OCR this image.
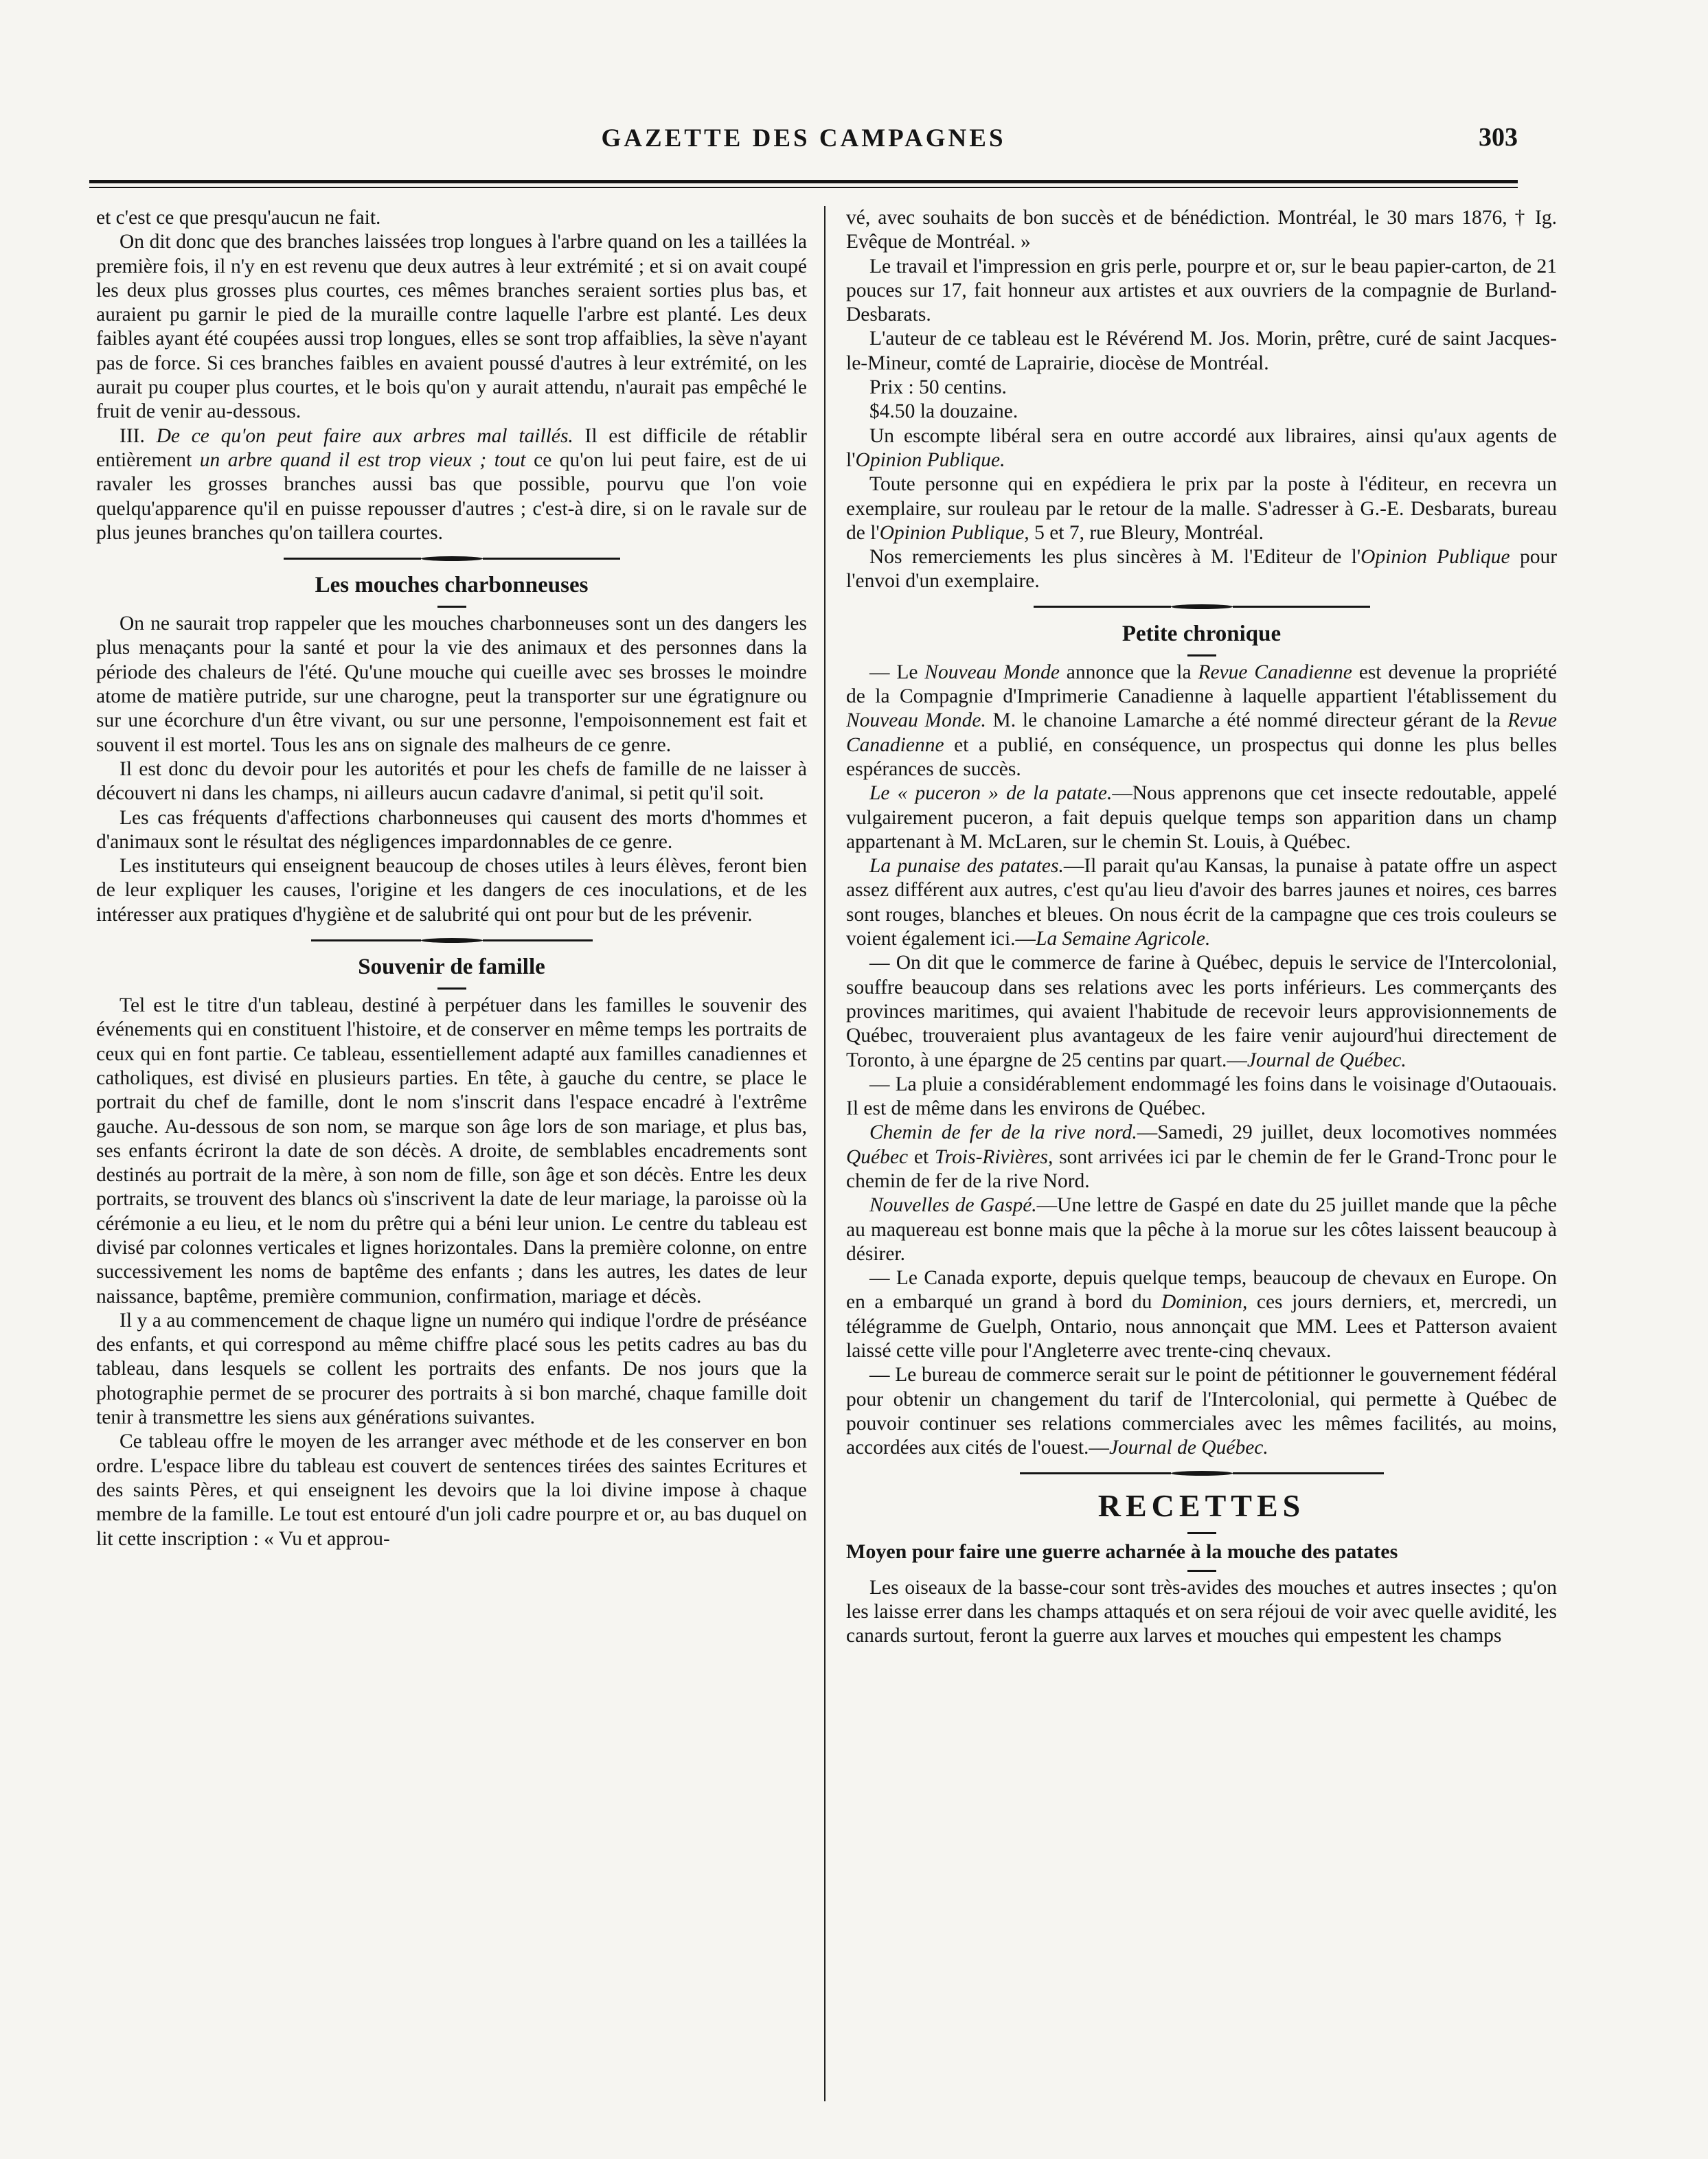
GAZETTE DES CAMPAGNES	303

et c'est ce que presqu'aucun ne fait.

On dit donc que des branches laissées trop longues à l'arbre quand on les a taillées la première fois, il n'y en est revenu que deux autres à leur extrémité ; et si on avait coupé les deux plus grosses plus courtes, ces mêmes branches seraient sorties plus bas, et auraient pu garnir le pied de la muraille contre laquelle l'arbre est planté. Les deux faibles ayant été coupées aussi trop longues, elles se sont trop affaiblies, la sève n'ayant pas de force. Si ces branches faibles en avaient poussé d'autres à leur extrémité, on les aurait pu couper plus courtes, et le bois qu'on y aurait attendu, n'aurait pas empêché le fruit de venir au-dessous.

III. De ce qu'on peut faire aux arbres mal taillés. Il est difficile de rétablir entièrement un arbre quand il est trop vieux ; tout ce qu'on lui peut faire, est de ui ravaler les grosses branches aussi bas que possible, pourvu que l'on voie quelqu'apparence qu'il en puisse repousser d'autres ; c'est-à dire, si on le ravale sur de plus jeunes branches qu'on taillera courtes.

Les mouches charbonneuses

On ne saurait trop rappeler que les mouches charbonneuses sont un des dangers les plus menaçants pour la santé et pour la vie des animaux et des personnes dans la période des chaleurs de l'été. Qu'une mouche qui cueille avec ses brosses le moindre atome de matière putride, sur une charogne, peut la transporter sur une égratignure ou sur une écorchure d'un être vivant, ou sur une personne, l'empoisonnement est fait et souvent il est mortel. Tous les ans on signale des malheurs de ce genre.

Il est donc du devoir pour les autorités et pour les chefs de famille de ne laisser à découvert ni dans les champs, ni ailleurs aucun cadavre d'animal, si petit qu'il soit.

Les cas fréquents d'affections charbonneuses qui causent des morts d'hommes et d'animaux sont le résultat des négligences impardonnables de ce genre.

Les instituteurs qui enseignent beaucoup de choses utiles à leurs élèves, feront bien de leur expliquer les causes, l'origine et les dangers de ces inoculations, et de les intéresser aux pratiques d'hygiène et de salubrité qui ont pour but de les prévenir.

Souvenir de famille

Tel est le titre d'un tableau, destiné à perpétuer dans les familles le souvenir des événements qui en constituent l'histoire, et de conserver en même temps les portraits de ceux qui en font partie. Ce tableau, essentiellement adapté aux familles canadiennes et catholiques, est divisé en plusieurs parties. En tête, à gauche du centre, se place le portrait du chef de famille, dont le nom s'inscrit dans l'espace encadré à l'extrême gauche. Au-dessous de son nom, se marque son âge lors de son mariage, et plus bas, ses enfants écriront la date de son décès. A droite, de semblables encadrements sont destinés au portrait de la mère, à son nom de fille, son âge et son décès. Entre les deux portraits, se trouvent des blancs où s'inscrivent la date de leur mariage, la paroisse où la cérémonie a eu lieu, et le nom du prêtre qui a béni leur union. Le centre du tableau est divisé par colonnes verticales et lignes horizontales. Dans la première colonne, on entre successivement les noms de baptême des enfants ; dans les autres, les dates de leur naissance, baptême, première communion, confirmation, mariage et décès.

Il y a au commencement de chaque ligne un numéro qui indique l'ordre de préséance des enfants, et qui correspond au même chiffre placé sous les petits cadres au bas du tableau, dans lesquels se collent les portraits des enfants. De nos jours que la photographie permet de se procurer des portraits à si bon marché, chaque famille doit tenir à transmettre les siens aux générations suivantes.

Ce tableau offre le moyen de les arranger avec méthode et de les conserver en bon ordre. L'espace libre du tableau est couvert de sentences tirées des saintes Ecritures et des saints Pères, et qui enseignent les devoirs que la loi divine impose à chaque membre de la famille. Le tout est entouré d'un joli cadre pourpre et or, au bas duquel on lit cette inscription : « Vu et approu-

vé, avec souhaits de bon succès et de bénédiction. Montréal, le 30 mars 1876, † Ig. Evêque de Montréal. »

Le travail et l'impression en gris perle, pourpre et or, sur le beau papier-carton, de 21 pouces sur 17, fait honneur aux artistes et aux ouvriers de la compagnie de Burland-Desbarats.

L'auteur de ce tableau est le Révérend M. Jos. Morin, prêtre, curé de saint Jacques-le-Mineur, comté de Laprairie, diocèse de Montréal.

Prix : 50 centins.

$4.50 la douzaine.

Un escompte libéral sera en outre accordé aux libraires, ainsi qu'aux agents de l'Opinion Publique.

Toute personne qui en expédiera le prix par la poste à l'éditeur, en recevra un exemplaire, sur rouleau par le retour de la malle. S'adresser à G.-E. Desbarats, bureau de l'Opinion Publique, 5 et 7, rue Bleury, Montréal.

Nos remerciements les plus sincères à M. l'Editeur de l'Opinion Publique pour l'envoi d'un exemplaire.

Petite chronique

— Le Nouveau Monde annonce que la Revue Canadienne est devenue la propriété de la Compagnie d'Imprimerie Canadienne à laquelle appartient l'établissement du Nouveau Monde. M. le chanoine Lamarche a été nommé directeur gérant de la Revue Canadienne et a publié, en conséquence, un prospectus qui donne les plus belles espérances de succès.

Le « puceron » de la patate.—Nous apprenons que cet insecte redoutable, appelé vulgairement puceron, a fait depuis quelque temps son apparition dans un champ appartenant à M. McLaren, sur le chemin St. Louis, à Québec.

La punaise des patates.—Il parait qu'au Kansas, la punaise à patate offre un aspect assez différent aux autres, c'est qu'au lieu d'avoir des barres jaunes et noires, ces barres sont rouges, blanches et bleues. On nous écrit de la campagne que ces trois couleurs se voient également ici.—La Semaine Agricole.

— On dit que le commerce de farine à Québec, depuis le service de l'Intercolonial, souffre beaucoup dans ses relations avec les ports inférieurs. Les commerçants des provinces maritimes, qui avaient l'habitude de recevoir leurs approvisionnements de Québec, trouveraient plus avantageux de les faire venir aujourd'hui directement de Toronto, à une épargne de 25 centins par quart.—Journal de Québec.

— La pluie a considérablement endommagé les foins dans le voisinage d'Outaouais. Il est de même dans les environs de Québec.

Chemin de fer de la rive nord.—Samedi, 29 juillet, deux locomotives nommées Québec et Trois-Rivières, sont arrivées ici par le chemin de fer le Grand-Tronc pour le chemin de fer de la rive Nord.

Nouvelles de Gaspé.—Une lettre de Gaspé en date du 25 juillet mande que la pêche au maquereau est bonne mais que la pêche à la morue sur les côtes laissent beaucoup à désirer.

— Le Canada exporte, depuis quelque temps, beaucoup de chevaux en Europe. On en a embarqué un grand à bord du Dominion, ces jours derniers, et, mercredi, un télégramme de Guelph, Ontario, nous annonçait que MM. Lees et Patterson avaient laissé cette ville pour l'Angleterre avec trente-cinq chevaux.

— Le bureau de commerce serait sur le point de pétitionner le gouvernement fédéral pour obtenir un changement du tarif de l'Intercolonial, qui permette à Québec de pouvoir continuer ses relations commerciales avec les mêmes facilités, au moins, accordées aux cités de l'ouest.—Journal de Québec.

RECETTES
Moyen pour faire une guerre acharnée à la mouche des patates

Les oiseaux de la basse-cour sont très-avides des mouches et autres insectes ; qu'on les laisse errer dans les champs attaqués et on sera réjoui de voir avec quelle avidité, les canards surtout, feront la guerre aux larves et mouches qui empestent les champs
